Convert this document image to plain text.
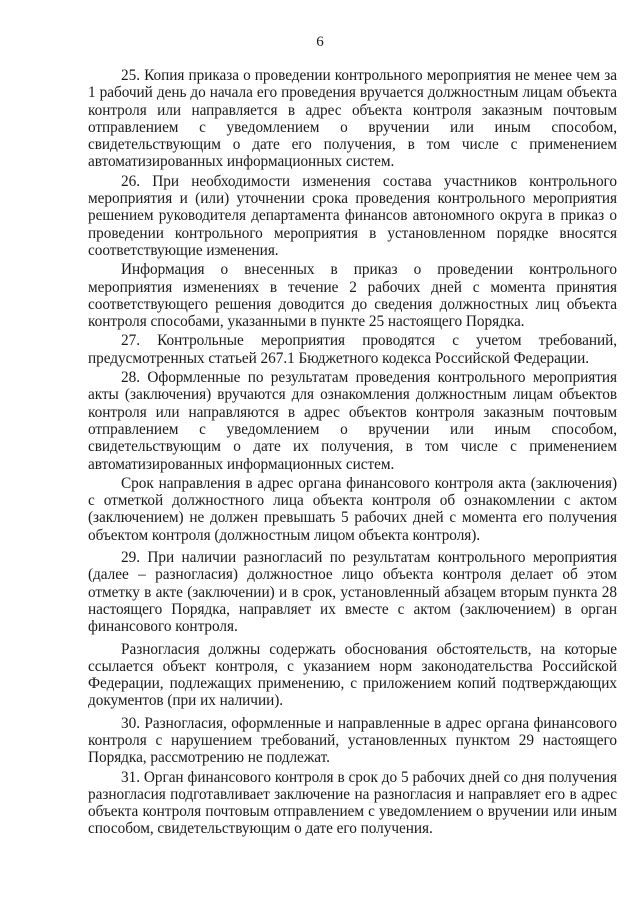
6

25. Копия приказа о проведении контрольного мероприятия не менее чем за 1 рабочий день до начала его проведения вручается должностным лицам объекта контроля или направляется в адрес объекта контроля заказным почтовым отправлением с уведомлением о вручении или иным способом, свидетельствующим о дате его получения, в том числе с применением автоматизированных информационных систем.

26. При необходимости изменения состава участников контрольного мероприятия и (или) уточнении срока проведения контрольного мероприятия решением руководителя департамента финансов автономного округа в приказ о проведении контрольного мероприятия в установленном порядке вносятся соответствующие изменения.

Информация о внесенных в приказ о проведении контрольного мероприятия изменениях в течение 2 рабочих дней с момента принятия соответствующего решения доводится до сведения должностных лиц объекта контроля способами, указанными в пункте 25 настоящего Порядка.

27. Контрольные мероприятия проводятся с учетом требований, предусмотренных статьей 267.1 Бюджетного кодекса Российской Федерации.

28. Оформленные по результатам проведения контрольного мероприятия акты (заключения) вручаются для ознакомления должностным лицам объектов контроля или направляются в адрес объектов контроля заказным почтовым отправлением с уведомлением о вручении или иным способом, свидетельствующим о дате их получения, в том числе с применением автоматизированных информационных систем.

Срок направления в адрес органа финансового контроля акта (заключения) с отметкой должностного лица объекта контроля об ознакомлении с актом (заключением) не должен превышать 5 рабочих дней с момента его получения объектом контроля (должностным лицом объекта контроля).

29. При наличии разногласий по результатам контрольного мероприятия (далее – разногласия) должностное лицо объекта контроля делает об этом отметку в акте (заключении) и в срок, установленный абзацем вторым пункта 28 настоящего Порядка, направляет их вместе с актом (заключением) в орган финансового контроля.

Разногласия должны содержать обоснования обстоятельств, на которые ссылается объект контроля, с указанием норм законодательства Российской Федерации, подлежащих применению, с приложением копий подтверждающих документов (при их наличии).

30. Разногласия, оформленные и направленные в адрес органа финансового контроля с нарушением требований, установленных пунктом 29 настоящего Порядка, рассмотрению не подлежат.

31. Орган финансового контроля в срок до 5 рабочих дней со дня получения разногласия подготавливает заключение на разногласия и направляет его в адрес объекта контроля почтовым отправлением с уведомлением о вручении или иным способом, свидетельствующим о дате его получения.
